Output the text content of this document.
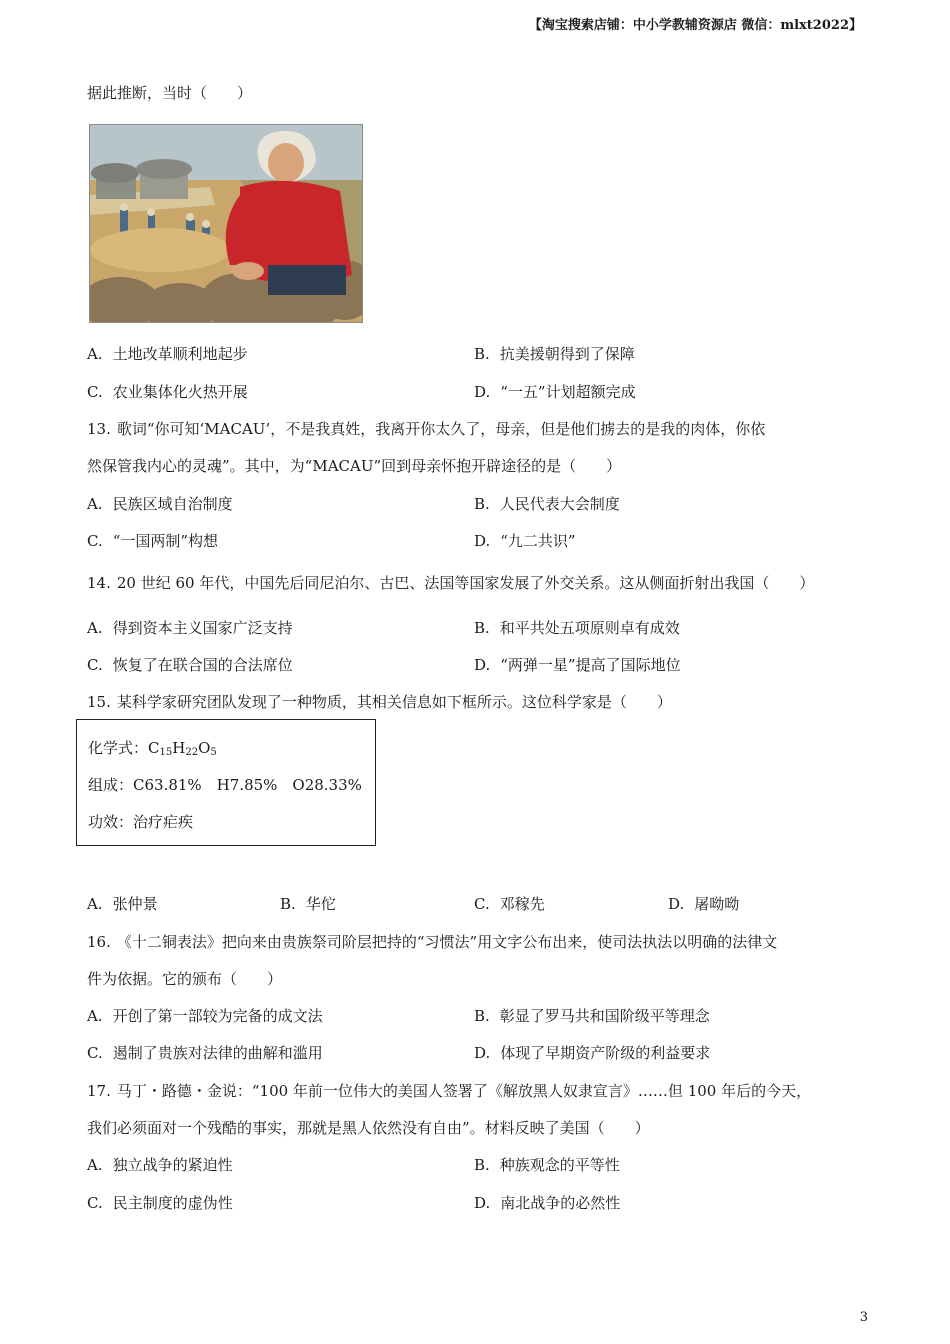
【淘宝搜索店铺：中小学教辅资源店 微信：mlxt2022】
据此推断，当时（　　）
A. 土地改革顺利地起步	B. 抗美援朝得到了保障
C. 农业集体化火热开展	D. “一五”计划超额完成
13. 歌词“你可知‘MACAU’，不是我真姓，我离开你太久了，母亲，但是他们掳去的是我的肉体，你依
然保管我内心的灵魂”。其中，为“MACAU”回到母亲怀抱开辟途径的是（　　）
A. 民族区域自治制度	B. 人民代表大会制度
C. “一国两制”构想	D. “九二共识”
14. 20 世纪 60 年代，中国先后同尼泊尔、古巴、法国等国家发展了外交关系。这从侧面折射出我国（　　）
A. 得到资本主义国家广泛支持	B. 和平共处五项原则卓有成效
C. 恢复了在联合国的合法席位	D. “两弹一星”提高了国际地位
15. 某科学家研究团队发现了一种物质，其相关信息如下框所示。这位科学家是（　　）
化学式：$C_{15}H_{22}O_5$
组成：C63.81%　H7.85%　O28.33%
功效：治疗疟疾
A. 张仲景	B. 华佗	C. 邓稼先	D. 屠呦呦
16. 《十二铜表法》把向来由贵族祭司阶层把持的“习惯法”用文字公布出来，使司法执法以明确的法律文
件为依据。它的颁布（　　）
A. 开创了第一部较为完备的成文法	B. 彰显了罗马共和国阶级平等理念
C. 遏制了贵族对法律的曲解和滥用	D. 体现了早期资产阶级的利益要求
17. 马丁・路德・金说：“100 年前一位伟大的美国人签署了《解放黑人奴隶宣言》……但 100 年后的今天，
我们必须面对一个残酷的事实，那就是黑人依然没有自由”。材料反映了美国（　　）
A. 独立战争的紧迫性	B. 种族观念的平等性
C. 民主制度的虚伪性	D. 南北战争的必然性
3
